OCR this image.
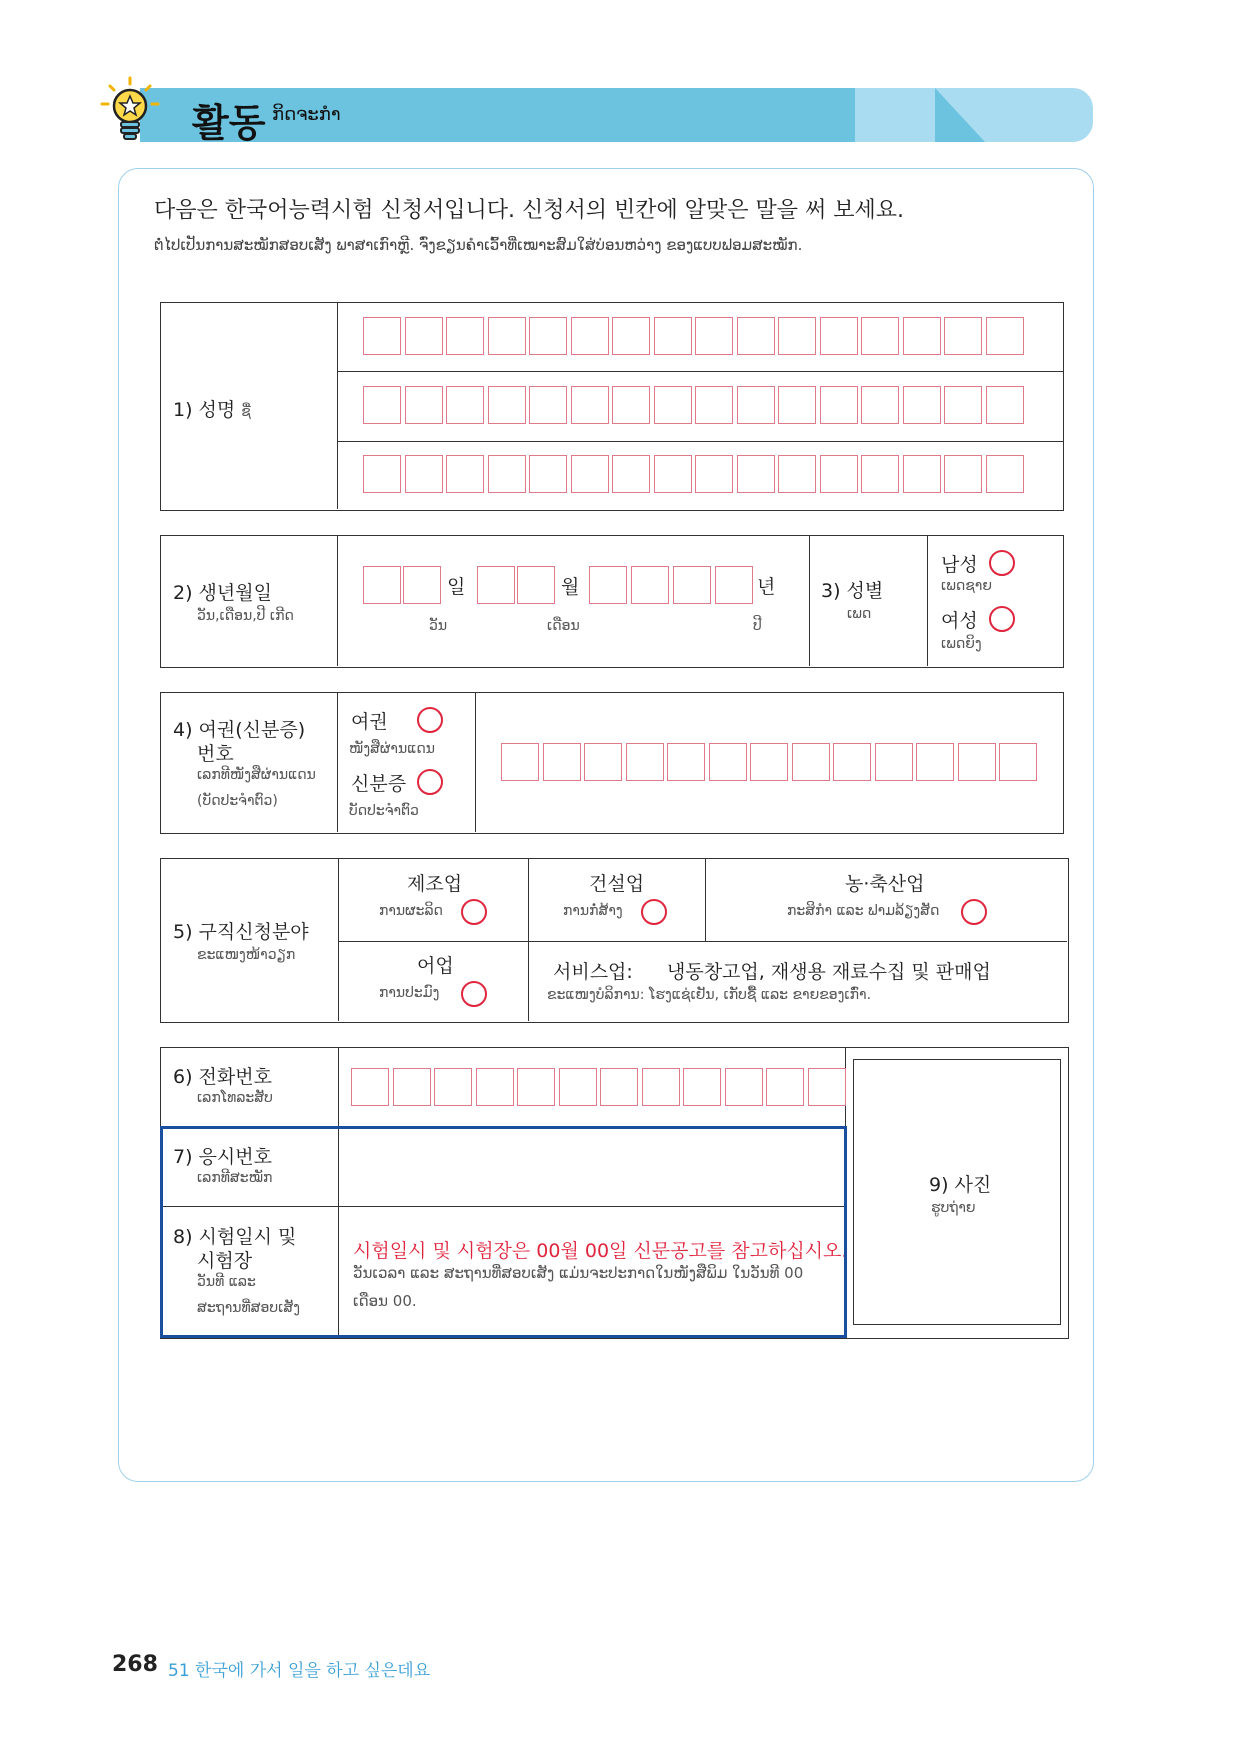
활동 ກິດຈະກຳ
다음은 한국어능력시험 신청서입니다. 신청서의 빈칸에 알맞은 말을 써 보세요.
ຕໍ່ໄປເປັນການສະໝັກສອບເສັງ ພາສາເກົາຫຼີ. ຈົ່ງຂຽນຄຳເວົ້າທີ່ເໝາະສົມໃສ່ບ່ອນຫວ່າງ ຂອງແບບຟອມສະໝັກ.
1) 성명 ຊື່
2) 생년월일
ວັນ,ເດືອນ,ປີ ເກີດ
일	월	년
ວັນ	ເດືອນ	ປີ
3) 성별
ເພດ
남성
ເພດຊາຍ
여성
ເພດຍິງ
4) 여권(신분증)
번호
ເລກທີໜັງສືຜ່ານແດນ
(ບັດປະຈຳຕົວ)
여권
ໜັງສືຜ່ານແດນ
신분증
ບັດປະຈຳຕົວ
5) 구직신청분야
ຂະແໜງໜ້າວຽກ
제조업
ການຜະລິດ
건설업
ການກໍ່ສ້າງ
농·축산업
ກະສິກຳ ແລະ ຟາມລ້ຽງສັດ
어업
ການປະມົງ
서비스업: 냉동창고업, 재생용 재료수집 및 판매업
ຂະແໜງບໍລິການ: ໂຮງແຊ່ເຢັນ, ເກັບຊື້ ແລະ ຂາຍຂອງເກົ່າ.
6) 전화번호
ເລກໂທລະສັບ
7) 응시번호
ເລກທີສະໝັກ
8) 시험일시 및
시험장
ວັນທີ ແລະ
ສະຖານທີ່ສອບເສັງ
시험일시 및 시험장은 00월 00일 신문공고를 참고하십시오.
ວັນເວລາ ແລະ ສະຖານທີ່ສອບເສັງ ແມ່ນຈະປະກາດໃນໜັງສືພິມ ໃນວັນທີ 00
ເດືອນ 00.
9) 사진
ຮູບຖ່າຍ
268 51 한국에 가서 일을 하고 싶은데요
